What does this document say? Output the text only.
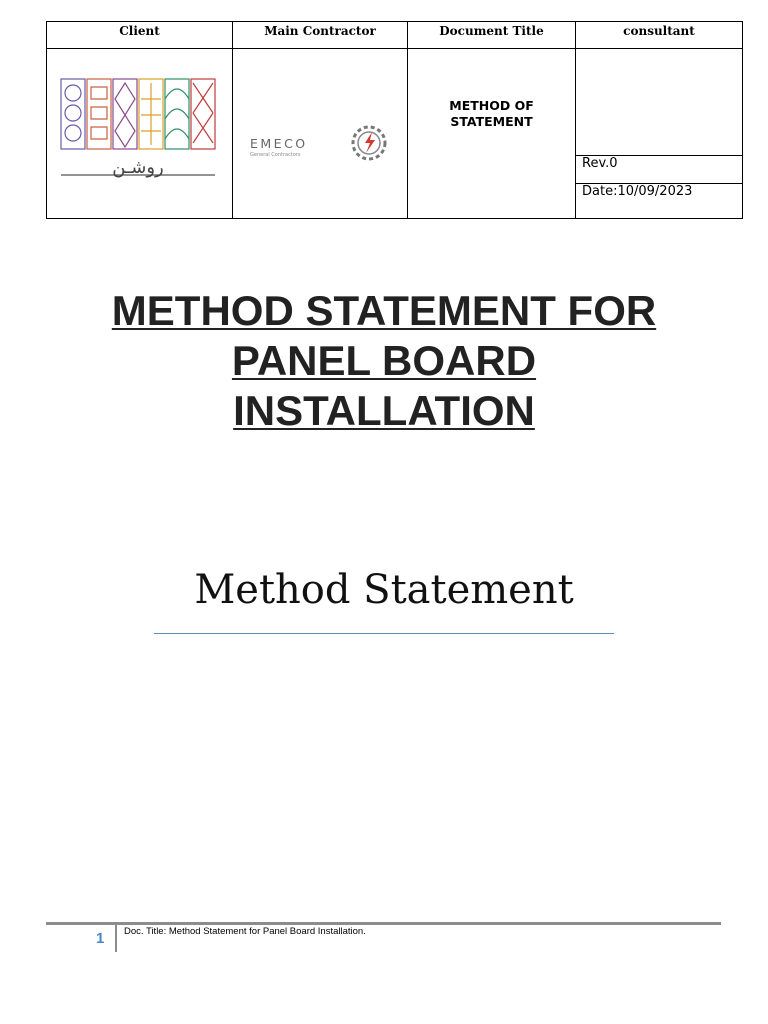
Client
روشـن
Main Contractor
EMECO
General Contractors
Document Title
METHOD OF
STATEMENT
consultant
Rev.0
Date:10/09/2023
METHOD STATEMENT FOR
PANEL BOARD
INSTALLATION
Method Statement
1	Doc. Title: Method Statement for Panel Board Installation.
